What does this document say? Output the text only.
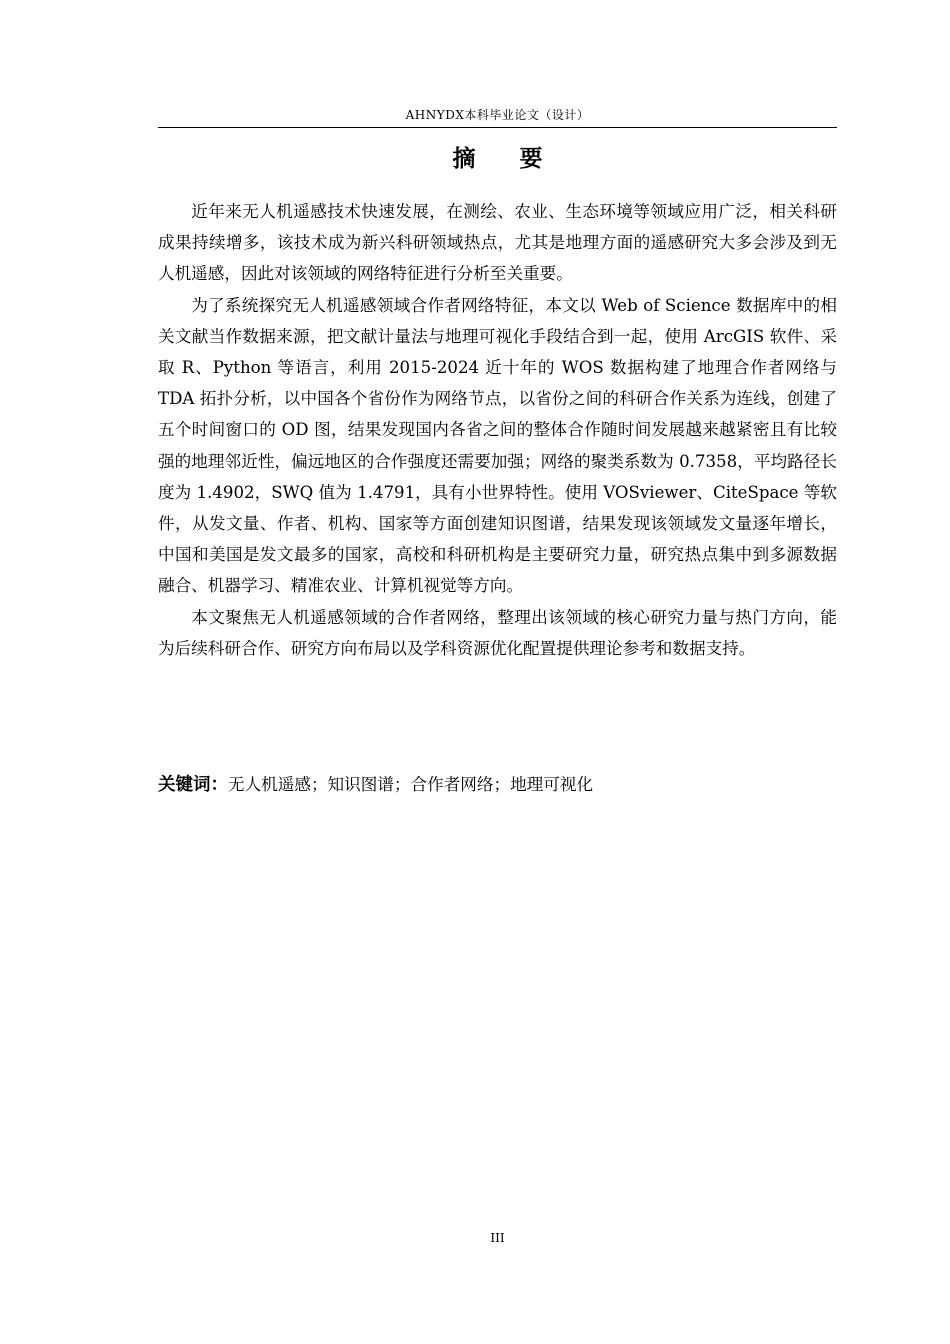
AHNYDX本科毕业论文（设计）
摘 要

近年来无人机遥感技术快速发展，在测绘、农业、生态环境等领域应用广泛，相关科研成果持续增多，该技术成为新兴科研领域热点，尤其是地理方面的遥感研究大多会涉及到无人机遥感，因此对该领域的网络特征进行分析至关重要。

为了系统探究无人机遥感领域合作者网络特征，本文以 Web of Science 数据库中的相关文献当作数据来源，把文献计量法与地理可视化手段结合到一起，使用 ArcGIS 软件、采取 R、Python 等语言，利用 2015-2024 近十年的 WOS 数据构建了地理合作者网络与 TDA 拓扑分析，以中国各个省份作为网络节点，以省份之间的科研合作关系为连线，创建了五个时间窗口的 OD 图，结果发现国内各省之间的整体合作随时间发展越来越紧密且有比较强的地理邻近性，偏远地区的合作强度还需要加强；网络的聚类系数为 0.7358，平均路径长度为 1.4902，SWQ 值为 1.4791，具有小世界特性。使用 VOSviewer、CiteSpace 等软件，从发文量、作者、机构、国家等方面创建知识图谱，结果发现该领域发文量逐年增长，中国和美国是发文最多的国家，高校和科研机构是主要研究力量，研究热点集中到多源数据融合、机器学习、精准农业、计算机视觉等方向。

本文聚焦无人机遥感领域的合作者网络，整理出该领域的核心研究力量与热门方向，能为后续科研合作、研究方向布局以及学科资源优化配置提供理论参考和数据支持。

关键词：无人机遥感；知识图谱；合作者网络；地理可视化
III
